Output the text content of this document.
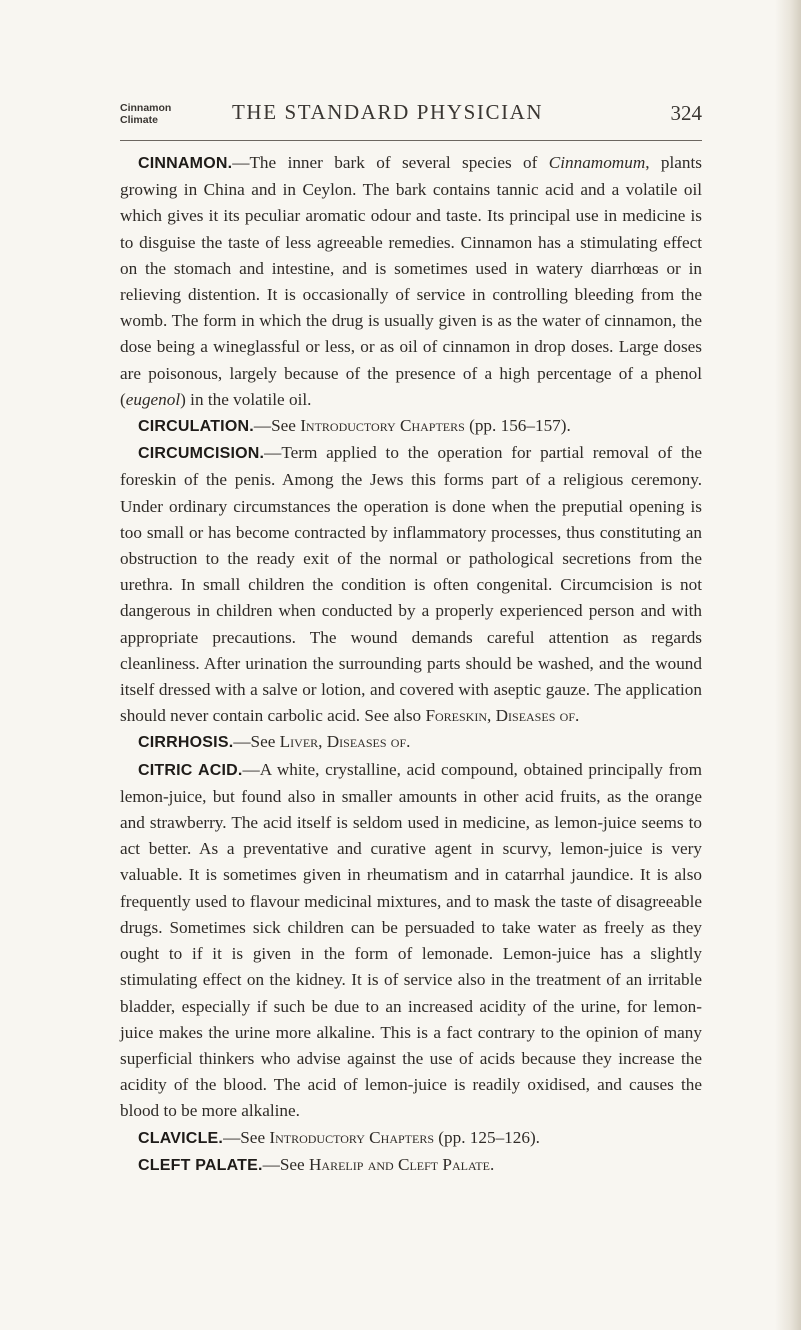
Cinnamon
Climate	THE STANDARD PHYSICIAN	324

CINNAMON.—The inner bark of several species of Cinnamomum, plants growing in China and in Ceylon. The bark contains tannic acid and a volatile oil which gives it its peculiar aromatic odour and taste. Its principal use in medicine is to disguise the taste of less agreeable remedies. Cinnamon has a stimulating effect on the stomach and intestine, and is sometimes used in watery diarrhœas or in relieving distention. It is occasionally of service in controlling bleeding from the womb. The form in which the drug is usually given is as the water of cinnamon, the dose being a wineglassful or less, or as oil of cinnamon in drop doses. Large doses are poisonous, largely because of the presence of a high percentage of a phenol (eugenol) in the volatile oil.

CIRCULATION.—See Introductory Chapters (pp. 156–157).

CIRCUMCISION.—Term applied to the operation for partial removal of the foreskin of the penis. Among the Jews this forms part of a religious ceremony. Under ordinary circumstances the operation is done when the preputial opening is too small or has become contracted by inflammatory processes, thus constituting an obstruction to the ready exit of the normal or pathological secretions from the urethra. In small children the condition is often congenital. Circumcision is not dangerous in children when conducted by a properly experienced person and with appropriate precautions. The wound demands careful attention as regards cleanliness. After urination the surrounding parts should be washed, and the wound itself dressed with a salve or lotion, and covered with aseptic gauze. The application should never contain carbolic acid. See also Foreskin, Diseases of.

CIRRHOSIS.—See Liver, Diseases of.

CITRIC ACID.—A white, crystalline, acid compound, obtained principally from lemon-juice, but found also in smaller amounts in other acid fruits, as the orange and strawberry. The acid itself is seldom used in medicine, as lemon-juice seems to act better. As a preventative and curative agent in scurvy, lemon-juice is very valuable. It is sometimes given in rheumatism and in catarrhal jaundice. It is also frequently used to flavour medicinal mixtures, and to mask the taste of disagreeable drugs. Sometimes sick children can be persuaded to take water as freely as they ought to if it is given in the form of lemonade. Lemon-juice has a slightly stimulating effect on the kidney. It is of service also in the treatment of an irritable bladder, especially if such be due to an increased acidity of the urine, for lemon-juice makes the urine more alkaline. This is a fact contrary to the opinion of many superficial thinkers who advise against the use of acids because they increase the acidity of the blood. The acid of lemon-juice is readily oxidised, and causes the blood to be more alkaline.

CLAVICLE.—See Introductory Chapters (pp. 125–126).

CLEFT PALATE.—See Harelip and Cleft Palate.
